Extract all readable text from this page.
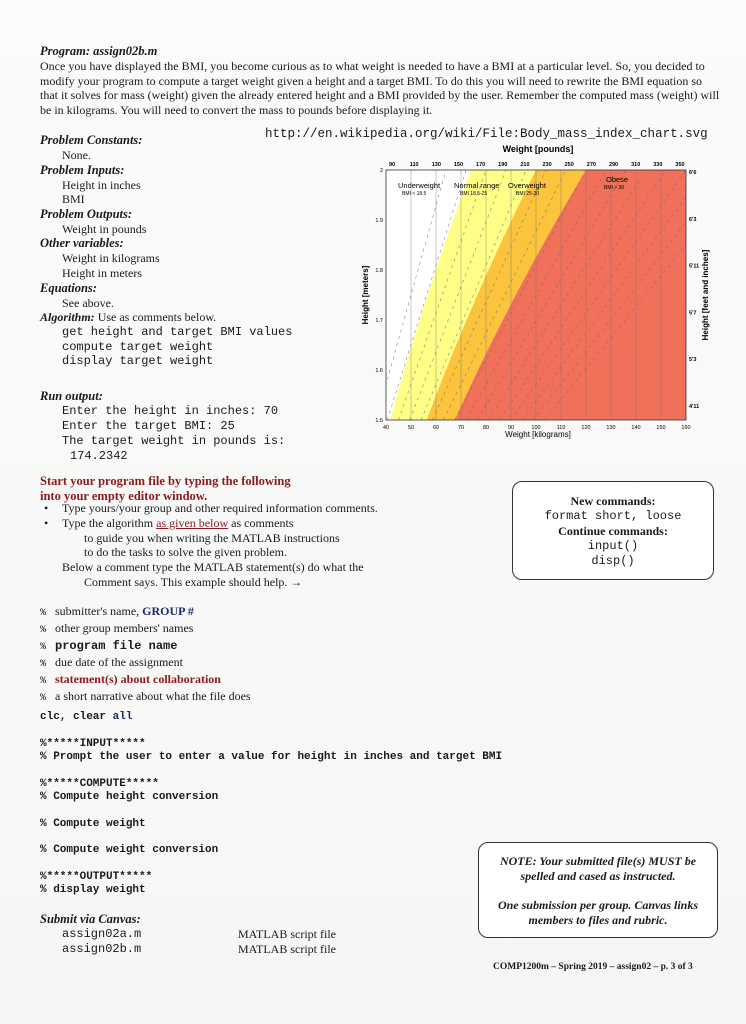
Program: assign02b.m
Once you have displayed the BMI, you become curious as to what weight is needed to have a BMI at a particular level. So, you decided to modify your program to compute a target weight given a height and a target BMI. To do this you will need to rewrite the BMI equation so that it solves for mass (weight) given the already entered height and a BMI provided by the user. Remember the computed mass (weight) will be in kilograms. You will need to convert the mass to pounds before displaying it.
Problem Constants:
None.
Problem Inputs:
Height in inches
BMI
Problem Outputs:
Weight in pounds
Other variables:
Weight in kilograms
Height in meters
Equations:
See above.
Algorithm: Use as comments below.
get height and target BMI values
compute target weight
display target weight
Run output:
Enter the height in inches: 70
Enter the target BMI: 25
The target weight in pounds is:
174.2342
http://en.wikipedia.org/wiki/File:Body_mass_index_chart.svg
Weight [pounds]
90	110 130 150 170 190 210 230 250 270 290 310 330 350
Underweight
BMI < 18.5
Normal range
BMI 18.5-25
Overweight
BMI 25-30
Obese
BMI > 30
2
1.9
1.8
1.7
1.6
1.5
6'6
6'3
5'11
5'7
5'3
4'11
40	50	60	70	80	90	100	110	120	130	140	150	160
Weight [kilograms]
Height [meters]	Height [feet and inches]
Start your program file by typing the following
into your empty editor window.
• Type yours/your group and other required information comments.
• Type the algorithm as given below as comments
to guide you when writing the MATLAB instructions
to do the tasks to solve the given problem.
Below a comment type the MATLAB statement(s) do what the
Comment says. This example should help. →
New commands:
format short, loose
Continue commands:
input()
disp()
% submitter's name, GROUP #
% other group members' names
% program file name
% due date of the assignment
% statement(s) about collaboration
% a short narrative about what the file does
clc, clear all
%*****INPUT*****
% Prompt the user to enter a value for height in inches and target BMI
%*****COMPUTE*****
% Compute height conversion
% Compute weight
% Compute weight conversion
%*****OUTPUT*****
% display weight
Submit via Canvas:
assign02a.m	MATLAB script file
assign02b.m	MATLAB script file
NOTE: Your submitted file(s) MUST be
spelled and cased as instructed.
One submission per group. Canvas links
members to files and rubric.
COMP1200m – Spring 2019 – assign02 – p. 3 of 3
